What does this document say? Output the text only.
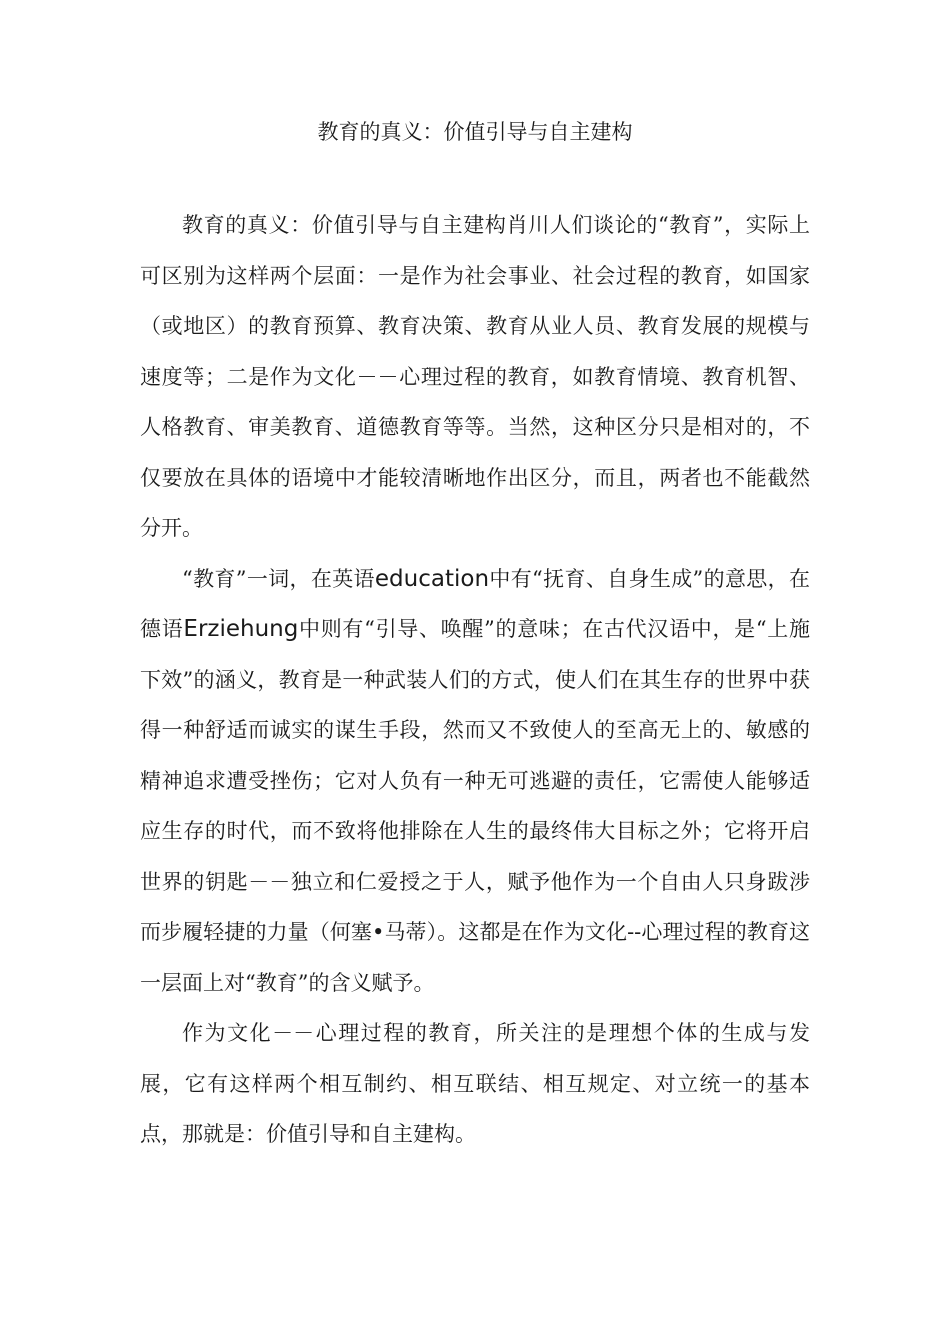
教育的真义：价值引导与自主建构

教育的真义：价值引导与自主建构肖川人们谈论的“教育”，实际上可区别为这样两个层面：一是作为社会事业、社会过程的教育，如国家（或地区）的教育预算、教育决策、教育从业人员、教育发展的规模与速度等；二是作为文化－－心理过程的教育，如教育情境、教育机智、人格教育、审美教育、道德教育等等。当然，这种区分只是相对的，不仅要放在具体的语境中才能较清晰地作出区分，而且，两者也不能截然分开。

“教育”一词，在英语education中有“抚育、自身生成”的意思，在德语Erziehung中则有“引导、唤醒”的意味；在古代汉语中，是“上施下效”的涵义，教育是一种武装人们的方式，使人们在其生存的世界中获得一种舒适而诚实的谋生手段，然而又不致使人的至高无上的、敏感的精神追求遭受挫伤；它对人负有一种无可逃避的责任，它需使人能够适应生存的时代，而不致将他排除在人生的最终伟大目标之外；它将开启世界的钥匙－－独立和仁爱授之于人，赋予他作为一个自由人只身跋涉而步履轻捷的力量（何塞•马蒂）。这都是在作为文化--心理过程的教育这一层面上对“教育”的含义赋予。

作为文化－－心理过程的教育，所关注的是理想个体的生成与发展，它有这样两个相互制约、相互联结、相互规定、对立统一的基本点，那就是：价值引导和自主建构。
